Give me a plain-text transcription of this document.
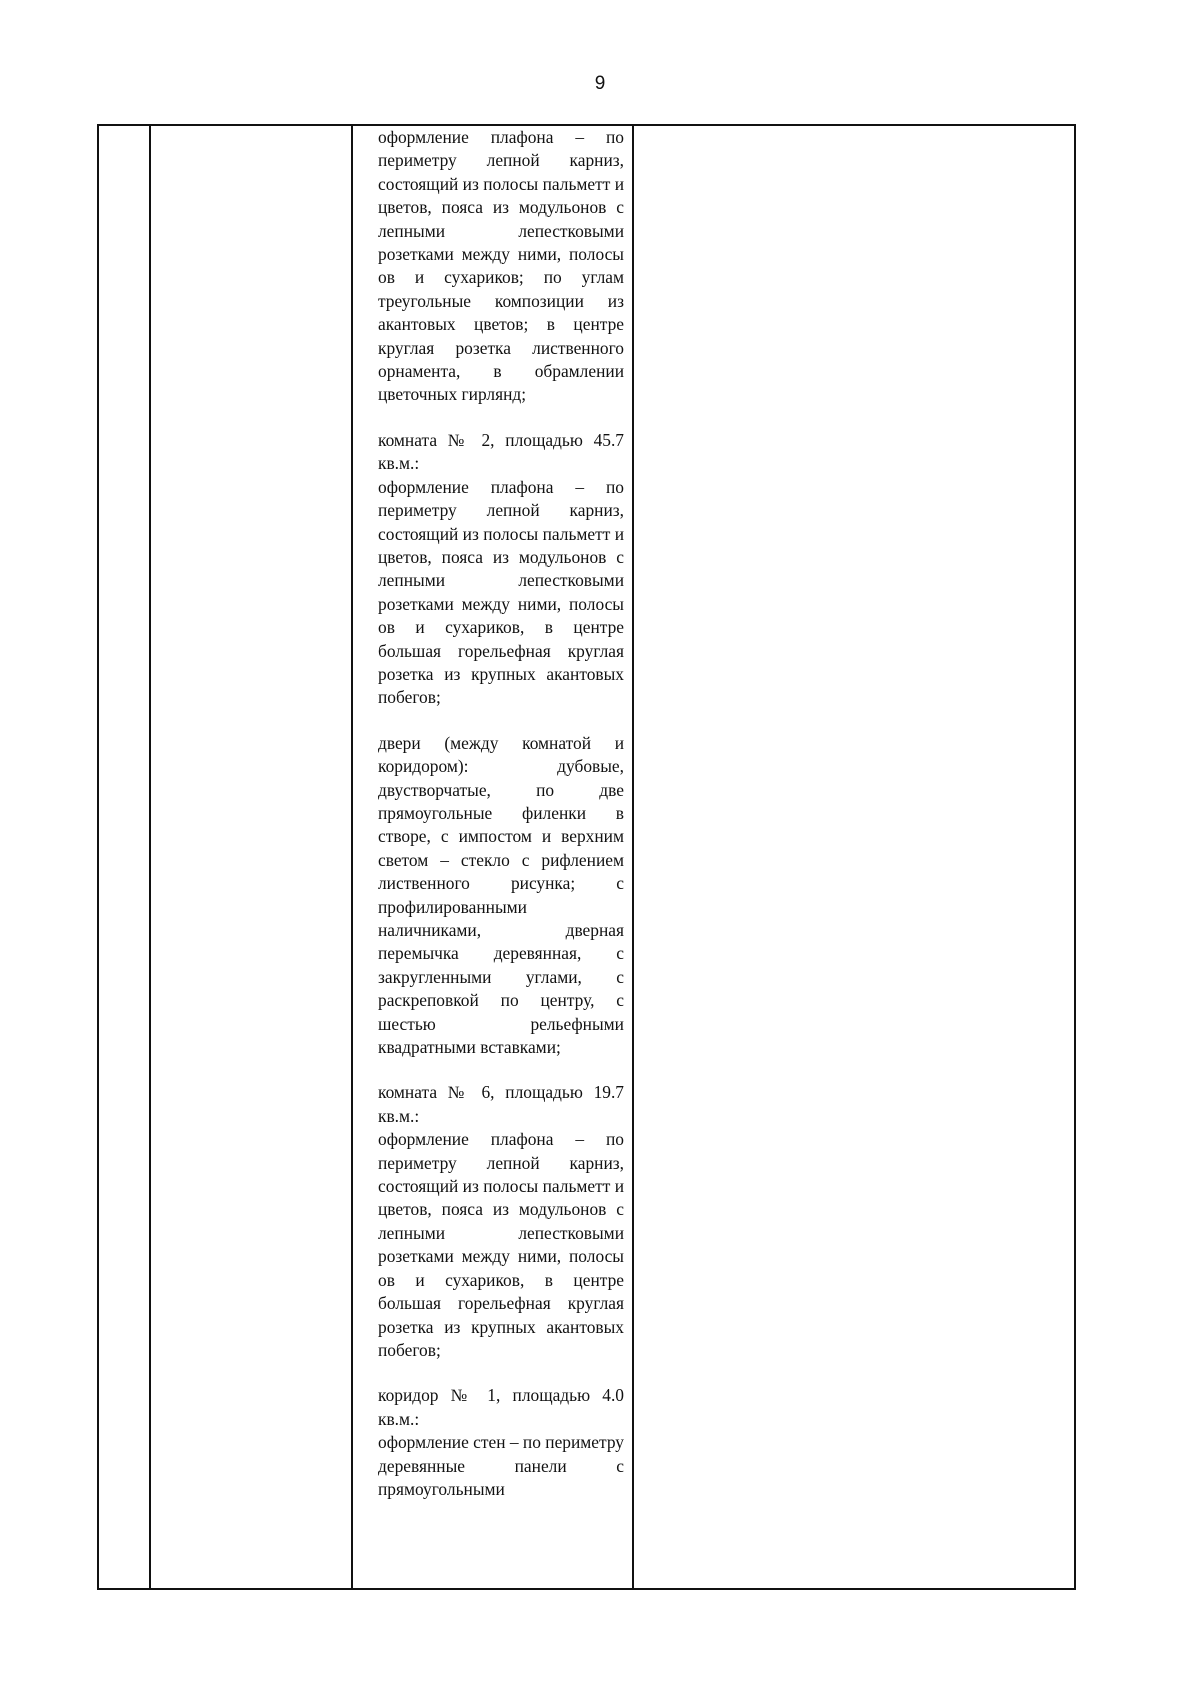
9

оформление плафона – по периметру лепной карниз, состоящий из полосы пальметт и цветов, пояса из модульонов с лепными лепестковыми розетками между ними, полосы ов и сухариков; по углам треугольные композиции из акантовых цветов; в центре круглая розетка лиственного орнамента, в обрамлении цветочных гирлянд;

комната № 2, площадью 45.7 кв.м.:
оформление плафона – по периметру лепной карниз, состоящий из полосы пальметт и цветов, пояса из модульонов с лепными лепестковыми розетками между ними, полосы ов и сухариков, в центре большая горельефная круглая розетка из крупных акантовых побегов;

двери (между комнатой и коридором): дубовые, двустворчатые, по две прямоугольные филенки в створе, с импостом и верхним светом – стекло с рифлением лиственного рисунка; с профилированными наличниками, дверная перемычка деревянная, с закругленными углами, с раскреповкой по центру, с шестью рельефными квадратными вставками;

комната № 6, площадью 19.7 кв.м.:
оформление плафона – по периметру лепной карниз, состоящий из полосы пальметт и цветов, пояса из модульонов с лепными лепестковыми розетками между ними, полосы ов и сухариков, в центре большая горельефная круглая розетка из крупных акантовых побегов;

коридор № 1, площадью 4.0 кв.м.:
оформление стен – по периметру деревянные панели с прямоугольными
